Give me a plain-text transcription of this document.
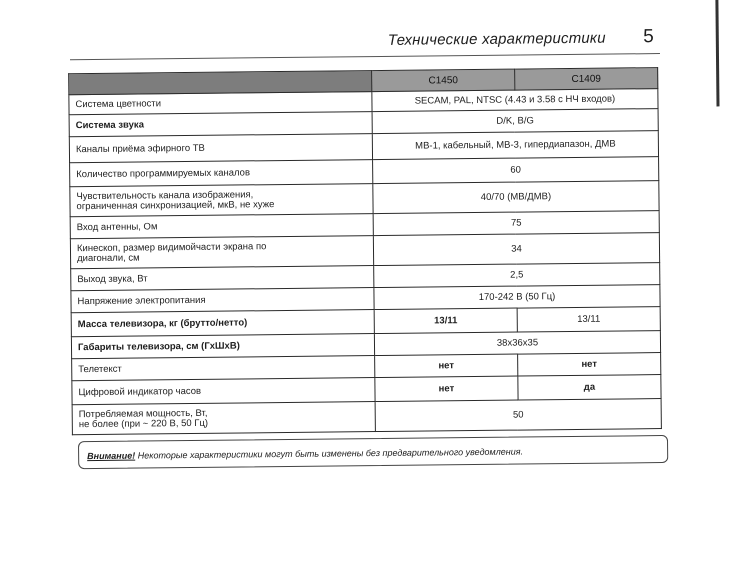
Технические характеристики 5
	C1450	C1409
Система цветности	SECAM, PAL, NTSC (4.43 и 3.58 с НЧ входов)	
Система звука	D/K, B/G	
Каналы приёма эфирного ТВ	МВ-1, кабельный, МВ-3, гипердиапазон, ДМВ	
Количество программируемых каналов	60	
Чувствительность канала изображения,
ограниченная синхронизацией, мкВ, не хуже	40/70 (МВ/ДМВ)	
Вход антенны, Ом	75	
Кинескоп, размер видимойчасти экрана по
диагонали, см	34	
Выход звука, Вт	2,5	
Напряжение электропитания	170-242 В (50 Гц)	
Масса телевизора, кг (брутто/нетто)	13/11	13/11
Габариты телевизора, см (ГхШхВ)	38х36х35	
Телетекст	нет	нет
Цифровой индикатор часов	нет	да
Потребляемая мощность, Вт,
не более (при ~ 220 В, 50 Гц)	50	
Внимание! Некоторые характеристики могут быть изменены без предварительного уведомления.
